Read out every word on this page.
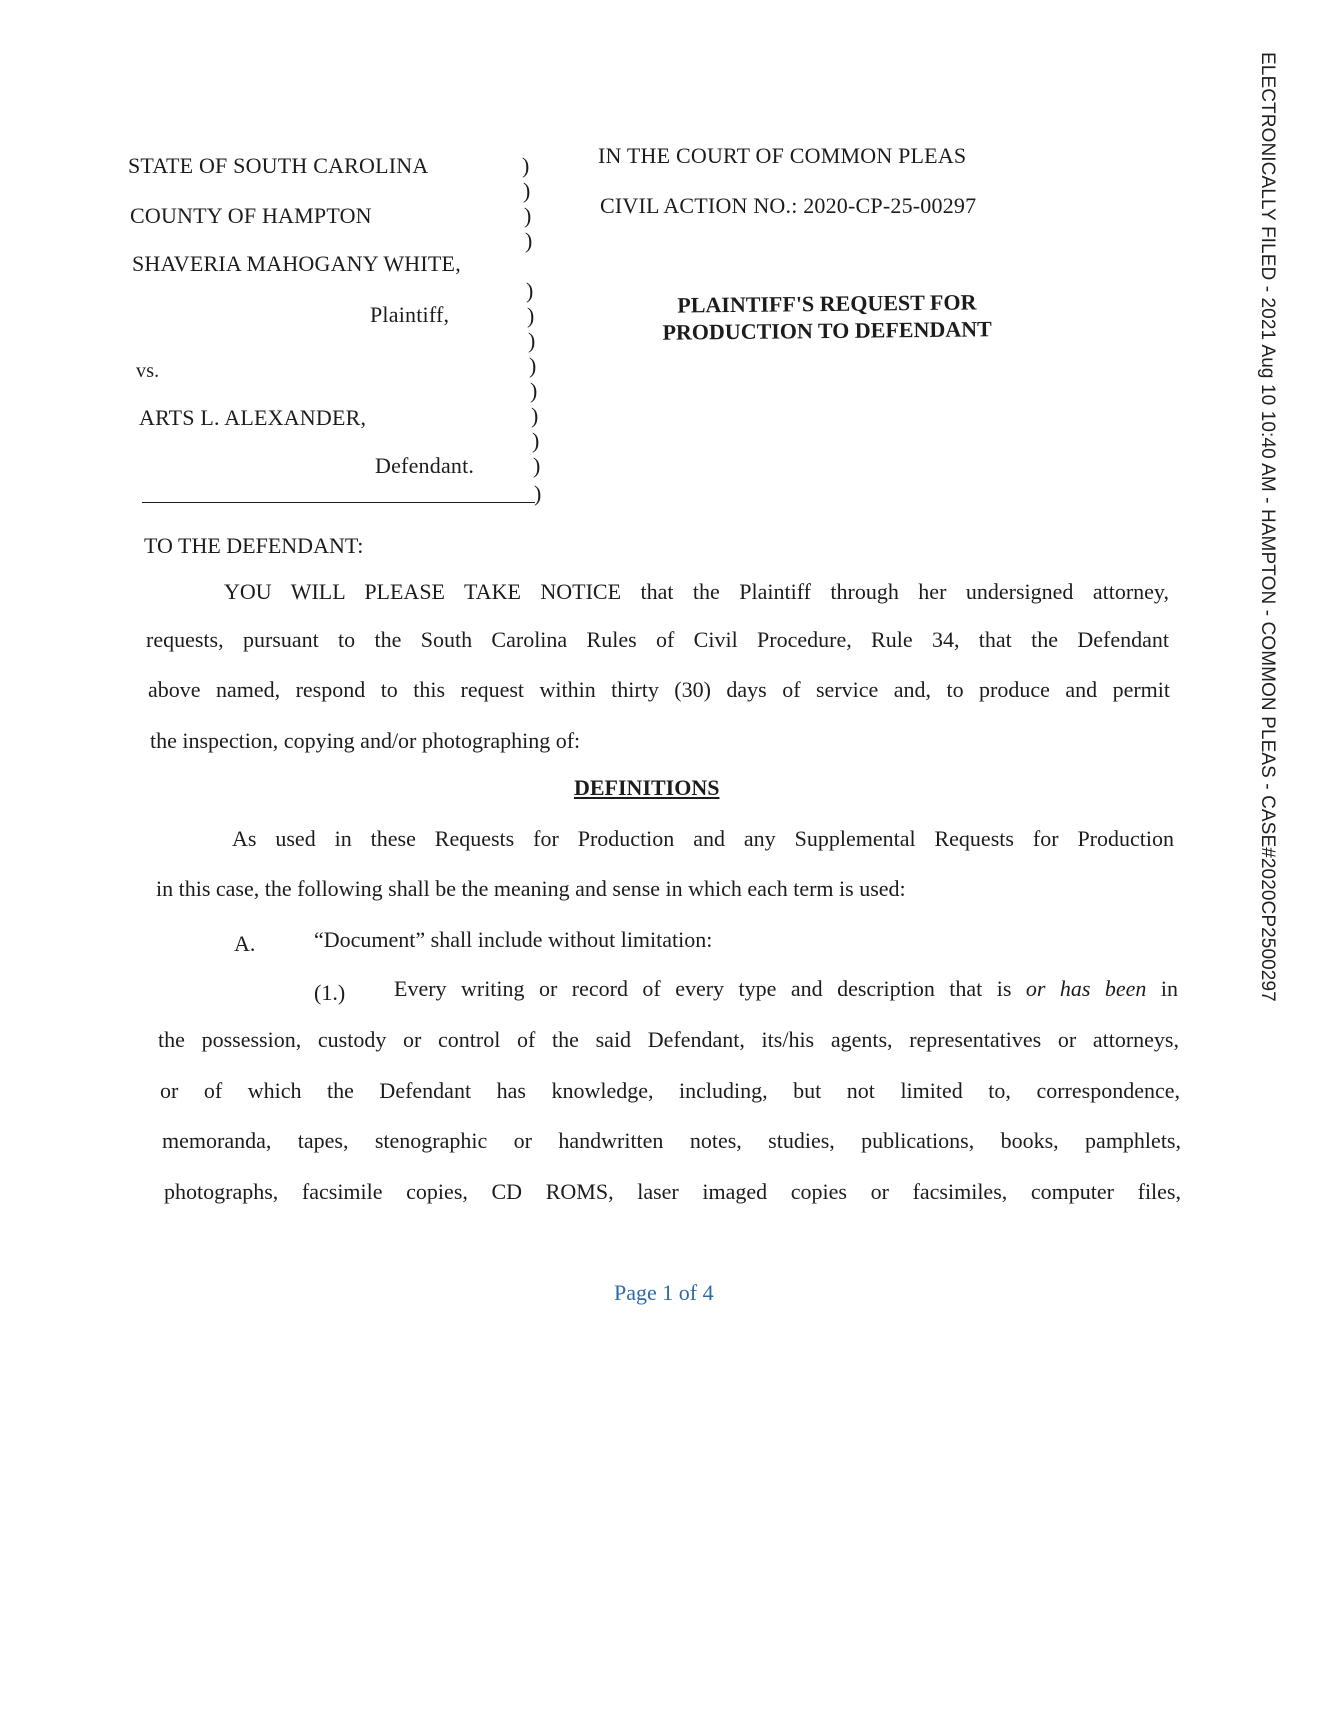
ELECTRONICALLY FILED - 2021 Aug 10 10:40 AM - HAMPTON - COMMON PLEAS - CASE#2020CP2500297
STATE OF SOUTH CAROLINA
COUNTY OF HAMPTON
SHAVERIA MAHOGANY WHITE,
Plaintiff,
vs.
ARTS L. ALEXANDER,
Defendant.
)
)
)
)
)
)
)
)
)
)
)
)
)
IN THE COURT OF COMMON PLEAS
CIVIL ACTION NO.: 2020-CP-25-00297
PLAINTIFF'S REQUEST FOR
PRODUCTION TO DEFENDANT
TO THE DEFENDANT:
YOU WILL PLEASE TAKE NOTICE that the Plaintiff through her undersigned attorney,
requests, pursuant to the South Carolina Rules of Civil Procedure, Rule 34, that the Defendant
above named, respond to this request within thirty (30) days of service and, to produce and permit
the inspection, copying and/or photographing of:
DEFINITIONS
As used in these Requests for Production and any Supplemental Requests for Production
in this case, the following shall be the meaning and sense in which each term is used:
A.	“Document” shall include without limitation:
(1.) Every writing or record of every type and description that is or has been in
the possession, custody or control of the said Defendant, its/his agents, representatives or attorneys,
or of which the Defendant has knowledge, including, but not limited to, correspondence,
memoranda, tapes, stenographic or handwritten notes, studies, publications, books, pamphlets,
photographs, facsimile copies, CD ROMS, laser imaged copies or facsimiles, computer files,
Page 1 of 4
